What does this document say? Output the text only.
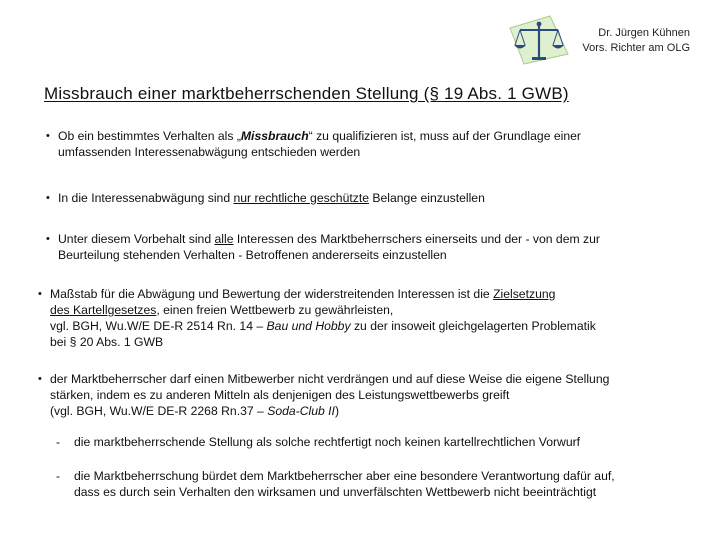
Dr. Jürgen Kühnen
Vors. Richter am OLG
Missbrauch einer marktbeherrschenden Stellung (§ 19 Abs. 1 GWB)
• Ob ein bestimmtes Verhalten als „Missbrauch“ zu qualifizieren ist, muss auf der Grundlage einer
umfassenden Interessenabwägung entschieden werden
• In die Interessenabwägung sind nur rechtliche geschützte Belange einzustellen
• Unter diesem Vorbehalt sind alle Interessen des Marktbeherrschers einerseits und der - von dem zur
Beurteilung stehenden Verhalten - Betroffenen andererseits einzustellen
• Maßstab für die Abwägung und Bewertung der widerstreitenden Interessen ist die Zielsetzung
des Kartellgesetzes, einen freien Wettbewerb zu gewährleisten,
vgl. BGH, Wu.W/E DE-R 2514 Rn. 14 – Bau und Hobby zu der insoweit gleichgelagerten Problematik
bei § 20 Abs. 1 GWB
• der Marktbeherrscher darf einen Mitbewerber nicht verdrängen und auf diese Weise die eigene Stellung
stärken, indem es zu anderen Mitteln als denjenigen des Leistungswettbewerbs greift
(vgl. BGH, Wu.W/E DE-R 2268 Rn.37 – Soda-Club II)
- die marktbeherrschende Stellung als solche rechtfertigt noch keinen kartellrechtlichen Vorwurf
- die Marktbeherrschung bürdet dem Marktbeherrscher aber eine besondere Verantwortung dafür auf,
dass es durch sein Verhalten den wirksamen und unverfälschten Wettbewerb nicht beeinträchtigt
